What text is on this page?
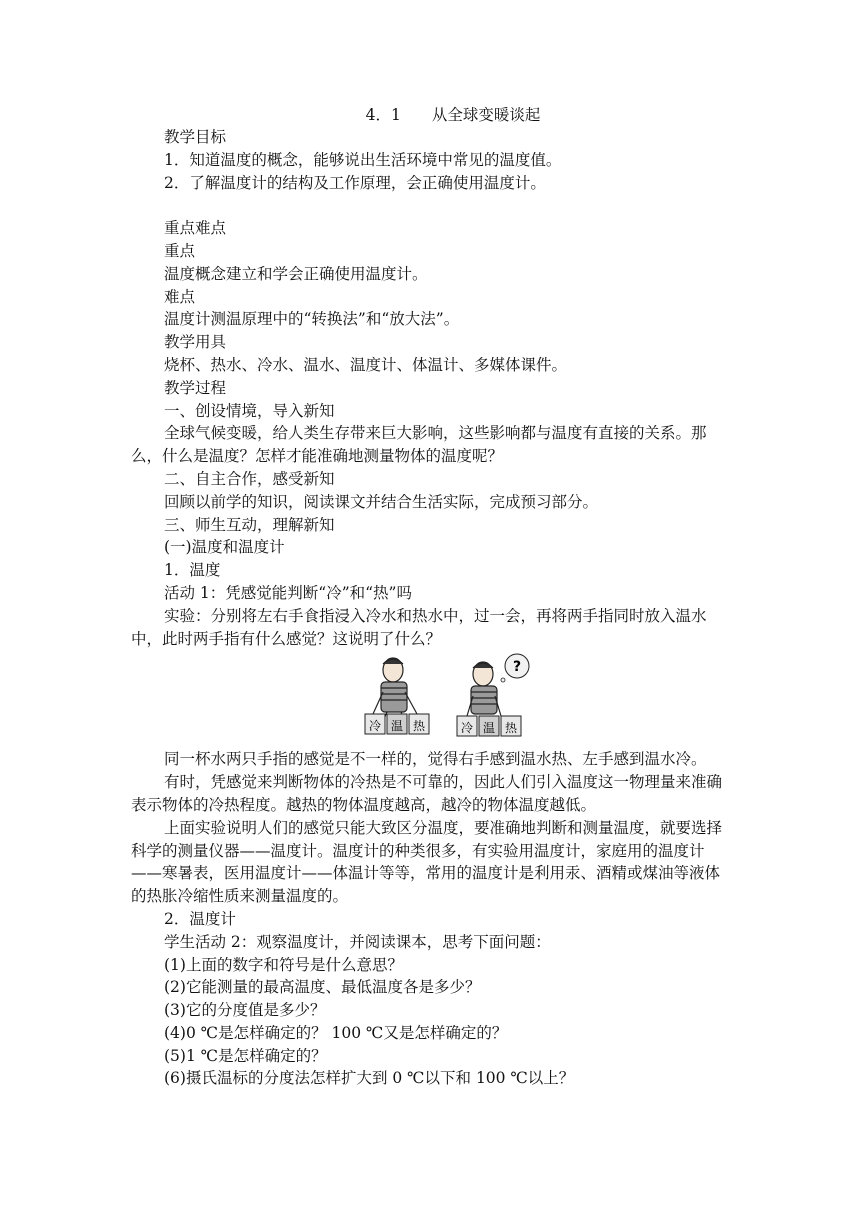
4．1　　从全球变暖谈起

教学目标

1．知道温度的概念，能够说出生活环境中常见的温度值。

2．了解温度计的结构及工作原理，会正确使用温度计。

重点难点

重点

温度概念建立和学会正确使用温度计。

难点

温度计测温原理中的“转换法”和“放大法”。

教学用具

烧杯、热水、冷水、温水、温度计、体温计、多媒体课件。

教学过程

一、创设情境，导入新知

全球气候变暖，给人类生存带来巨大影响，这些影响都与温度有直接的关系。那么，什么是温度？怎样才能准确地测量物体的温度呢？

二、自主合作，感受新知

回顾以前学的知识，阅读课文并结合生活实际，完成预习部分。

三、师生互动，理解新知

(一)温度和温度计

1．温度

活动 1：凭感觉能判断“冷”和“热”吗

实验：分别将左右手食指浸入冷水和热水中，过一会，再将两手指同时放入温水中，此时两手指有什么感觉？这说明了什么？

冷 温 热
?
冷 温 热

同一杯水两只手指的感觉是不一样的，觉得右手感到温水热、左手感到温水冷。

有时，凭感觉来判断物体的冷热是不可靠的，因此人们引入温度这一物理量来准确表示物体的冷热程度。越热的物体温度越高，越冷的物体温度越低。

上面实验说明人们的感觉只能大致区分温度，要准确地判断和测量温度，就要选择科学的测量仪器——温度计。温度计的种类很多，有实验用温度计，家庭用的温度计——寒暑表，医用温度计——体温计等等，常用的温度计是利用汞、酒精或煤油等液体的热胀冷缩性质来测量温度的。

2．温度计

学生活动 2：观察温度计，并阅读课本，思考下面问题：

(1)上面的数字和符号是什么意思？

(2)它能测量的最高温度、最低温度各是多少？

(3)它的分度值是多少？

(4)0 ℃是怎样确定的？ 100 ℃又是怎样确定的？

(5)1 ℃是怎样确定的？

(6)摄氏温标的分度法怎样扩大到 0 ℃以下和 100 ℃以上？
